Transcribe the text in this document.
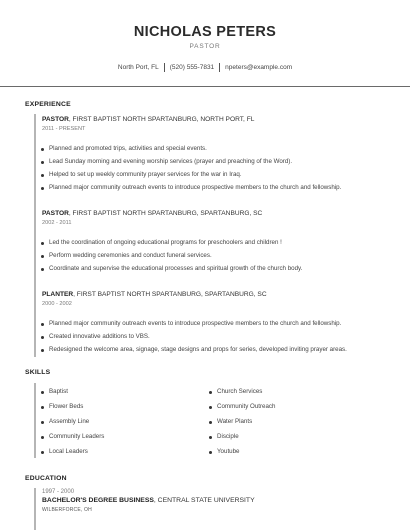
NICHOLAS PETERS
PASTOR
North Port, FL (520) 555-7831 npeters@example.com
EXPERIENCE
PASTOR, FIRST BAPTIST NORTH SPARTANBURG, NORTH PORT, FL
2011 - PRESENT
Planned and promoted trips, activities and special events.
Lead Sunday morning and evening worship services (prayer and preaching of the Word).
Helped to set up weekly community prayer services for the war in Iraq.
Planned major community outreach events to introduce prospective members to the church and fellowship.
PASTOR, FIRST BAPTIST NORTH SPARTANBURG, SPARTANBURG, SC
2002 - 2011
Led the coordination of ongoing educational programs for preschoolers and children !
Perform wedding ceremonies and conduct funeral services.
Coordinate and supervise the educational processes and spiritual growth of the church body.
PLANTER, FIRST BAPTIST NORTH SPARTANBURG, SPARTANBURG, SC
2000 - 2002
Planned major community outreach events to introduce prospective members to the church and fellowship.
Created innovative additions to VBS.
Redesigned the welcome area, signage, stage designs and props for series, developed inviting prayer areas.
SKILLS
Baptist
Flower Beds
Assembly Line
Community Leaders
Local Leaders
Church Services
Community Outreach
Water Plants
Disciple
Youtube
EDUCATION
1997 - 2000
BACHELOR'S DEGREE BUSINESS, CENTRAL STATE UNIVERSITY
WILBERFORCE, OH
